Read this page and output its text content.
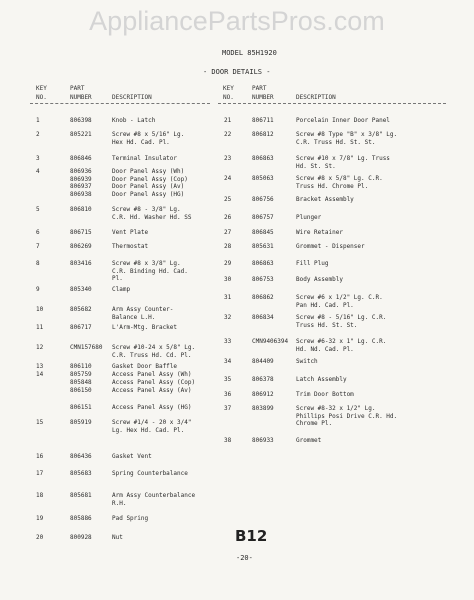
AppliancePartsPros.com
MODEL 85H1920
- DOOR DETAILS -
KEY
NO.
PART
NUMBER	DESCRIPTION
KEY
NO.
PART
NUMBER	DESCRIPTION
1	806398	Knob - Latch
2	805221	Screw #8 x 5/16" Lg.
Hex Hd. Cad. Pl.
3	806846	Terminal Insulator
4	806936	Door Panel Assy (Wh)
806939	Door Panel Assy (Cop)
806937	Door Panel Assy (Av)
806938	Door Panel Assy (HG)
5	806810	Screw #8 - 3/8" Lg.
C.R. Hd. Washer Hd. SS
6	806715	Vent Plate
7	806269	Thermostat
8	803416	Screw #8 x 3/8" Lg.
C.R. Binding Hd. Cad.
Pl.
9	805340	Clamp
10	805682	Arm Assy Counter-
Balance L.H.
11	806717	L'Arm-Mtg. Bracket
12	CMN157680 Screw #10-24 x 5/8" Lg.
C.R. Truss Hd. Cd. Pl.
13	806110	Gasket Door Baffle
14	805759	Access Panel Assy (Wh)
805848	Access Panel Assy (Cop)
806150	Access Panel Assy (Av)
806151	Access Panel Assy (HG)
15	805919	Screw #1/4 - 20 x 3/4"
Lg. Hex Hd. Cad. Pl.
16	806436	Gasket Vent
17	805683	Spring Counterbalance
18	805681	Arm Assy Counterbalance
R.H.
19	805886	Pad Spring
20	800928	Nut
21	806711	Porcelain Inner Door Panel
22	806812	Screw #8 Type "B" x 3/8" Lg.
C.R. Truss Hd. St. St.
23	806863	Screw #10 x 7/8" Lg. Truss
Hd. St. St.
24	805063	Screw #8 x 5/8" Lg. C.R.
Truss Hd. Chrome Pl.
25	806756	Bracket Assembly
26	806757	Plunger
27	806845	Wire Retainer
28	805631	Grommet - Dispenser
29	806863	Fill Plug
30	806753	Body Assembly
31	806862	Screw #6 x 1/2" Lg. C.R.
Pan Hd. Cad. Pl.
32	806834	Screw #8 - 5/16" Lg. C.R.
Truss Hd. St. St.
33	CMN9406394 Screw #6-32 x 1" Lg. C.R.
Hd. Nd. Cad. Pl.
34	804409	Switch
35	806378	Latch Assembly
36	806912	Trim Door Bottom
37	803899	Screw #8-32 x 1/2" Lg.
Phillips Posi Drive C.R. Hd.
Chrome Pl.
38	806933	Grommet
B12
-20-
